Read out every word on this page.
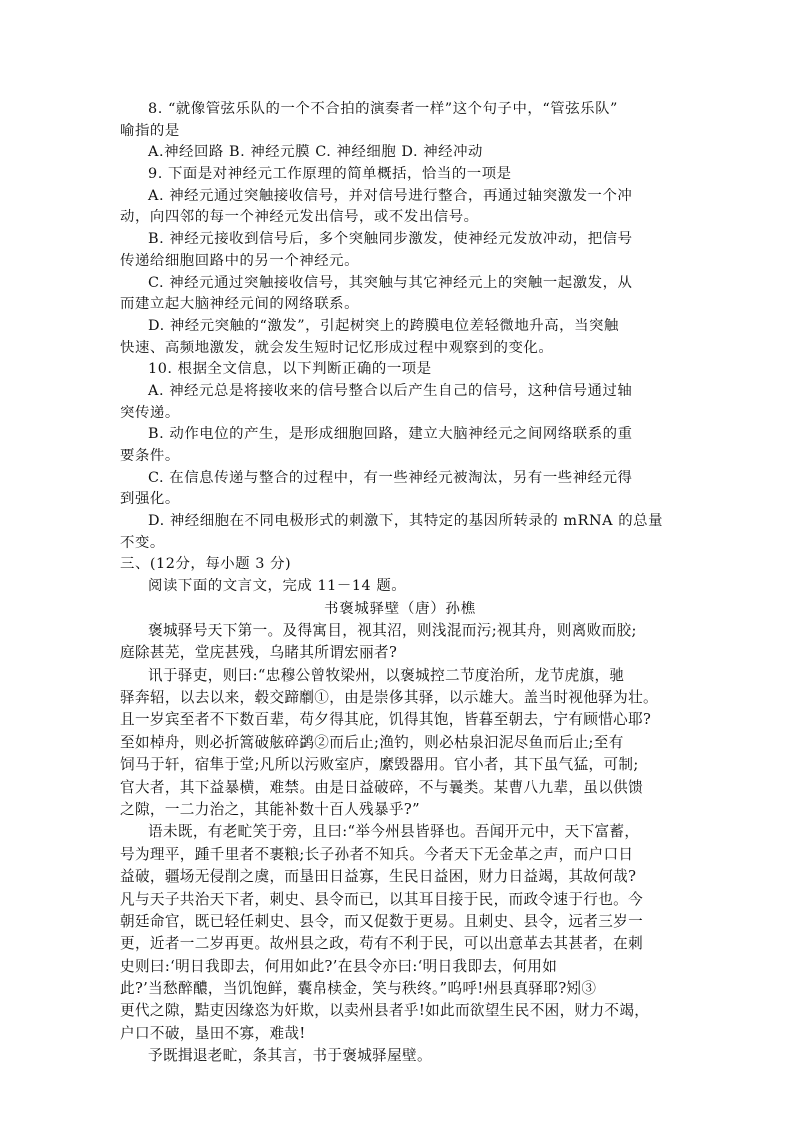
8. “就像管弦乐队的一个不合拍的演奏者一样”这个句子中，“管弦乐队”
喻指的是
A.神经回路 B. 神经元膜 C. 神经细胞 D. 神经冲动
9. 下面是对神经元工作原理的简单概括，恰当的一项是
A. 神经元通过突触接收信号，并对信号进行整合，再通过轴突激发一个冲
动，向四邻的每一个神经元发出信号，或不发出信号。
B. 神经元接收到信号后，多个突触同步激发，使神经元发放冲动，把信号
传递给细胞回路中的另一个神经元。
C. 神经元通过突触接收信号，其突触与其它神经元上的突触一起激发，从
而建立起大脑神经元间的网络联系。
D. 神经元突触的“激发”，引起树突上的跨膜电位差轻微地升高，当突触
快速、高频地激发，就会发生短时记忆形成过程中观察到的变化。
10. 根据全文信息，以下判断正确的一项是
A. 神经元总是将接收来的信号整合以后产生自己的信号，这种信号通过轴
突传递。
B. 动作电位的产生，是形成细胞回路，建立大脑神经元之间网络联系的重
要条件。
C. 在信息传递与整合的过程中，有一些神经元被淘汰，另有一些神经元得
到强化。
D. 神经细胞在不同电极形式的刺激下，其特定的基因所转录的 mRNA 的总量
不变。
三、(12分，每小题 3 分)
阅读下面的文言文，完成 11－14 题。
书褒城驿壁（唐）孙樵
褒城驿号天下第一。及得寓目，视其沼，则浅混而污;视其舟，则离败而胶;
庭除甚芜，堂庑甚残，乌睹其所谓宏丽者?
讯于驿吏，则曰:“忠穆公曾牧梁州，以褒城控二节度治所，龙节虎旗，驰
驿奔轺，以去以来，毂交蹄劘①，由是崇侈其驿，以示雄大。盖当时视他驿为壮。
且一岁宾至者不下数百辈，苟夕得其庇，饥得其饱，皆暮至朝去，宁有顾惜心耶?
至如棹舟，则必折篙破舷碎鹢②而后止;渔钓，则必枯泉汩泥尽鱼而后止;至有
饲马于轩，宿隼于堂;凡所以污败室庐，縻毁器用。官小者，其下虽气猛，可制;
官大者，其下益暴横，难禁。由是日益破碎，不与曩类。某曹八九辈，虽以供馈
之隙，一二力治之，其能补数十百人残暴乎?”
语未既，有老甿笑于旁，且曰:“举今州县皆驿也。吾闻开元中，天下富蓄，
号为理平，踵千里者不裹粮;长子孙者不知兵。今者天下无金革之声，而户口日
益破，疆场无侵削之虞，而垦田日益寡，生民日益困，财力日益竭，其故何哉?
凡与天子共治天下者，刺史、县令而已，以其耳目接于民，而政令速于行也。今
朝廷命官，既已轻任刺史、县令，而又促数于更易。且刺史、县令，远者三岁一
更，近者一二岁再更。故州县之政，苟有不利于民，可以出意革去其甚者，在刺
史则曰:‘明日我即去，何用如此?’在县令亦曰:‘明日我即去，何用如
此?’当愁醉醲，当饥饱鲜，囊帛椟金，笑与秩终。”呜呼!州县真驿耶?矧③
更代之隙，黠吏因缘恣为奸欺，以卖州县者乎!如此而欲望生民不困，财力不竭，
户口不破，垦田不寡，难哉!
予既揖退老甿，条其言，书于褒城驿屋壁。
